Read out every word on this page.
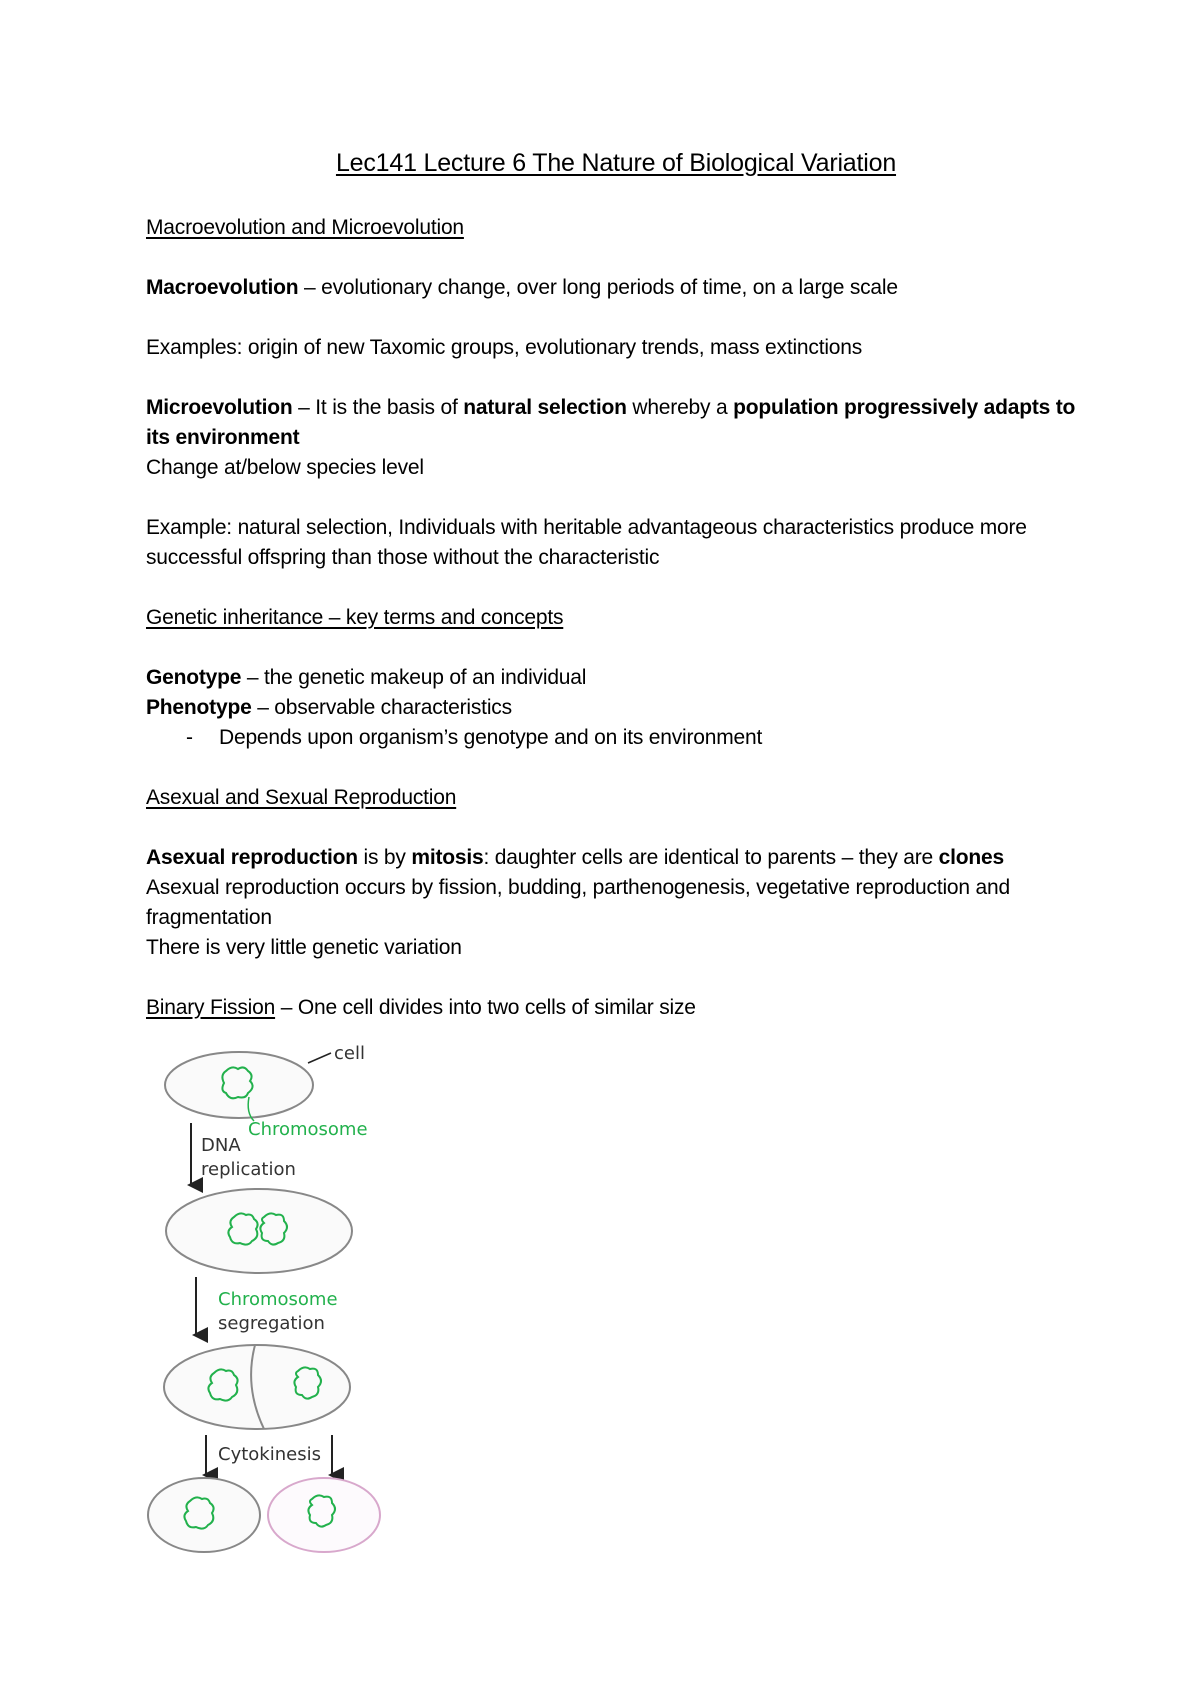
Lec141 Lecture 6 The Nature of Biological Variation

Macroevolution and Microevolution

Macroevolution – evolutionary change, over long periods of time, on a large scale

Examples: origin of new Taxomic groups, evolutionary trends, mass extinctions

Microevolution – It is the basis of natural selection whereby a population progressively adapts to its environment

Change at/below species level

Example: natural selection, Individuals with heritable advantageous characteristics produce more successful offspring than those without the characteristic

Genetic inheritance – key terms and concepts

Genotype – the genetic makeup of an individual

Phenotype – observable characteristics

- Depends upon organism’s genotype and on its environment

Asexual and Sexual Reproduction

Asexual reproduction is by mitosis: daughter cells are identical to parents – they are clones

Asexual reproduction occurs by fission, budding, parthenogenesis, vegetative reproduction and fragmentation

There is very little genetic variation

Binary Fission – One cell divides into two cells of similar size

cell
Chromosome
DNA
replication
Chromosome
segregation
Cytokinesis
